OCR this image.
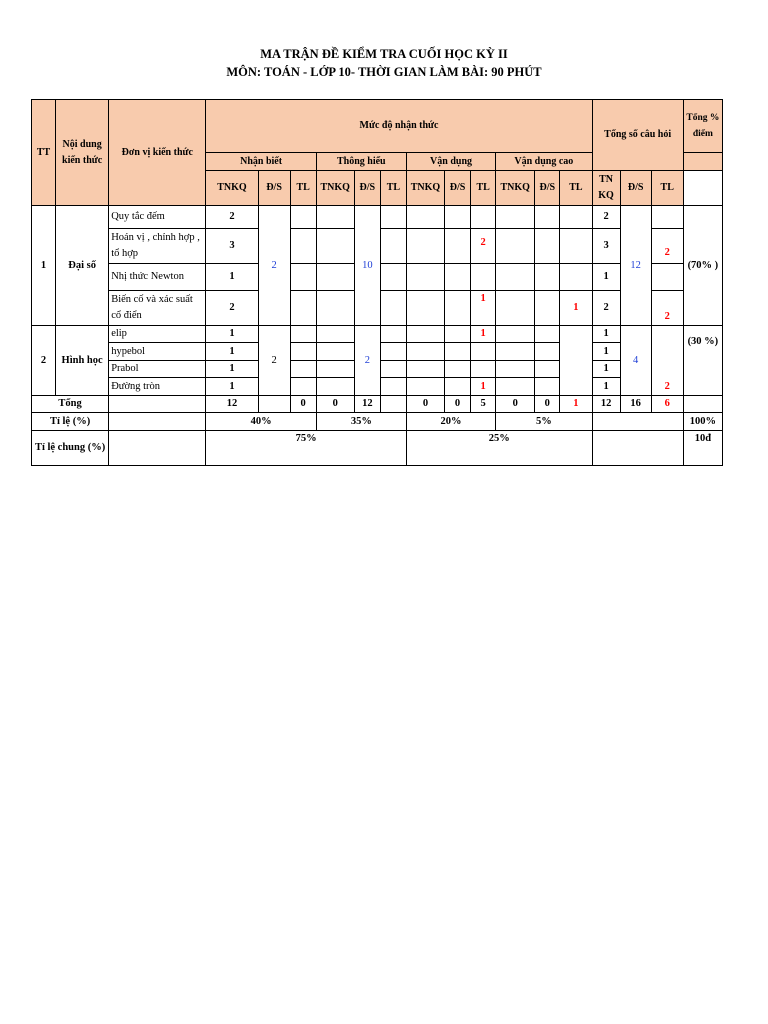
MA TRẬN ĐỀ KIỂM TRA CUỐI HỌC KỲ II
MÔN: TOÁN - LỚP 10- THỜI GIAN LÀM BÀI: 90 PHÚT
TT	Nội dung kiến thức	Đơn vị kiến thức	Mức độ nhận thức												Tổng số câu hỏi			Tổng % điểm
			Nhận biết			Thông hiểu			Vận dụng			Vận dụng cao						
			TNKQ	Đ/S	TL	TNKQ	Đ/S	TL	TNKQ	Đ/S	TL	TNKQ	Đ/S	TL	TN KQ	Đ/S	TL	
1	Đại số	Quy tắc đếm	2	2			10								2	12		(70% )
		Hoán vị , chỉnh hợp , tổ hợp	3								2				3		2	
		Nhị thức Newton	1												1			
		Biến cố và xác suất cổ điển	2								1			1	2		2	
2	Hình học	elip	1	2			2				1				1	4	2	(30 %)
		hypebol	1												1			
		Prabol	1												1			
		Đường tròn	1								1				1			
Tổng			12		0	0	12		0	0	5	0	0	1	12	16	6	
Tỉ lệ (%)			40%			35%			20%			5%						100%
Tỉ lệ chung (%)			75%						25%									10đ
